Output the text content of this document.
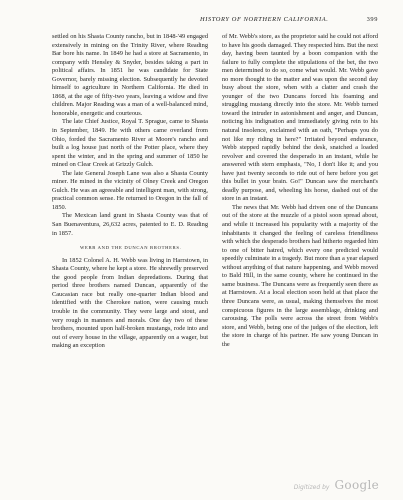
HISTORY OF NORTHERN CALIFORNIA.	399

settled on his Shasta County rancho, but in 1848-'49 engaged extensively in mining on the Trinity River, where Reading Bar bore his name. In 1849 he had a store at Sacramento, in company with Hensley & Snyder, besides taking a part in political affairs. In 1851 he was candidate for State Governor, barely missing election. Subsequently he devoted himself to agriculture in Northern California. He died in 1868, at the age of fifty-two years, leaving a widow and five children. Major Reading was a man of a well-balanced mind, honorable, energetic and courteous.

The late Chief Justice, Royal T. Sprague, came to Shasta in September, 1849. He with others came overland from Ohio, forded the Sacramento River at Moore's rancho and built a log house just north of the Potter place, where they spent the winter, and in the spring and summer of 1850 he mined on Clear Creek at Grizzly Gulch.

The late General Joseph Lane was also a Shasta County miner. He mined in the vicinity of Olney Creek and Oregon Gulch. He was an agreeable and intelligent man, with strong, practical common sense. He returned to Oregon in the fall of 1850.

The Mexican land grant in Shasta County was that of San Buenaventura, 26,632 acres, patented to E. D. Reading in 1857.

WEBB AND THE DUNCAN BROTHERS.

In 1852 Colonel A. H. Webb was living in Harrstown, in Shasta County, where he kept a store. He shrewdly preserved the good people from Indian depredations. During that period three brothers named Duncan, apparently of the Caucasian race but really one-quarter Indian blood and identified with the Cherokee nation, were causing much trouble in the community. They were large and stout, and very rough in manners and morals. One day two of these brothers, mounted upon half-broken mustangs, rode into and out of every house in the village, apparently on a wager, but making an exception

of Mr. Webb's store, as the proprietor said he could not afford to have his goods damaged. They respected him. But the next day, having been taunted by a boon companion with the failure to fully complete the stipulations of the bet, the two men determined to do so, come what would. Mr. Webb gave no more thought to the matter and was upon the second day busy about the store, when with a clatter and crash the younger of the two Duncans forced his foaming and struggling mustang directly into the store. Mr. Webb turned toward the intruder in astonishment and anger, and Duncan, noticing his indignation and immediately giving rein to his natural insolence, exclaimed with an oath, "Perhaps you do not like my riding in here?" Irritated beyond endurance, Webb stepped rapidly behind the desk, snatched a loaded revolver and covered the desperado in an instant, while he answered with stern emphasis, "No, I don't like it; and you have just twenty seconds to ride out of here before you get this bullet in your brain. Go!" Duncan saw the merchant's deadly purpose, and, wheeling his horse, dashed out of the store in an instant.

The news that Mr. Webb had driven one of the Duncans out of the store at the muzzle of a pistol soon spread about, and while it increased his popularity with a majority of the inhabitants it changed the feeling of careless friendliness with which the desperado brothers had hitherto regarded him to one of bitter hatred, which every one predicted would speedily culminate in a tragedy. But more than a year elapsed without anything of that nature happening, and Webb moved to Bald Hill, in the same county, where he continued in the same business. The Duncans were as frequently seen there as at Harrstown. At a local election soon held at that place the three Duncans were, as usual, making themselves the most conspicuous figures in the large assemblage, drinking and carousing. The polls were across the street from Webb's store, and Webb, being one of the judges of the election, left the store in charge of his partner. He saw young Duncan in the

Digitized by Google
